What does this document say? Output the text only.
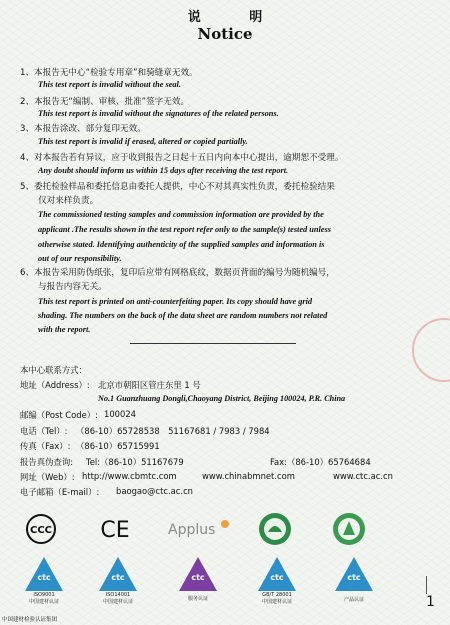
说 明
Notice
1、本报告无中心“检验专用章”和骑缝章无效。
This test report is invalid without the seal.
2、本报告无“编制、审核、批准”签字无效。
This test report is invalid without the signatures of the related persons.
3、本报告涂改、部分复印无效。
This test report is invalid if erased, altered or copied partially.
4、对本报告若有异议，应于收到报告之日起十五日内向本中心提出，逾期恕不受理。
Any doubt should inform us within 15 days after receiving the test report.
5、委托检验样品和委托信息由委托人提供，中心不对其真实性负责，委托检验结果
仅对来样负责。
The commissioned testing samples and commission information are provided by the
applicant .The results shown in the test report refer only to the sample(s) tested unless
otherwise stated. Identifying authenticity of the supplied samples and information is
out of our responsibility.
6、本报告采用防伪纸张，复印后应带有网格底纹，数据页背面的编号为随机编号，
与报告内容无关。
This test report is printed on anti-counterfeiting paper. Its copy should have grid
shading. The numbers on the back of the data sheet are random numbers not related
with the report.
本中心联系方式：
地址（Address）: 北京市朝阳区管庄东里 1 号
No.1 Guanzhuang Dongli,Chaoyang District, Beijing 100024, P.R. China
邮编（Post Code）: 100024
电话（Tel）: （86-10）65728538　51167681 / 7983 / 7984
传真（Fax）: （86-10）65715991
报告真伪查询: Tel:（86-10）51167679	Fax:（86-10）65764684
网址（Web）: http://www.cbmtc.com	www.chinabmnet.com	www.ctc.ac.cn
电子邮箱（E-mail）: baogao@ctc.ac.cn
CCC CE	Applus
ctc
ISO9001
中国建材认证
ctc
ISO14001
中国建材认证
ctc
服务认证
ctc
GB/T 28001
中国建材认证
ctc
产品认证	1
中国建材检验认证集团
